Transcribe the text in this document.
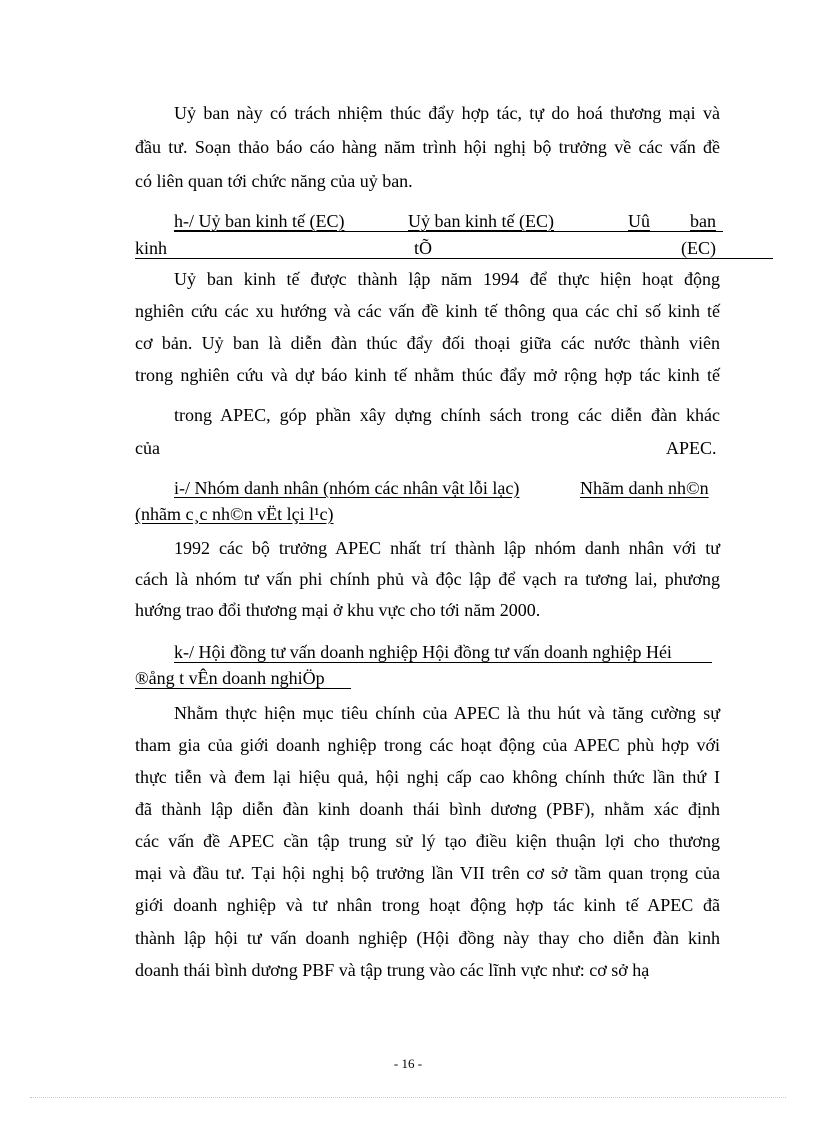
Uỷ ban này có trách nhiệm thúc đẩy hợp tác, tự do hoá thương mại và
đầu tư. Soạn thảo báo cáo hàng năm trình hội nghị bộ trưởng về các vấn đề
có liên quan tới chức năng của uỷ ban.
h-/ Uỷ ban kinh tế (EC)	Uỷ ban kinh tế (EC)	Uû ban
kinh	tÕ	(EC)
Uỷ ban kinh tế được thành lập năm 1994 để thực hiện hoạt động
nghiên cứu các xu hướng và các vấn đề kinh tế thông qua các chỉ số kinh tế
cơ bản. Uỷ ban là diễn đàn thúc đẩy đối thoại giữa các nước thành viên
trong nghiên cứu và dự báo kinh tế nhằm thúc đẩy mở rộng hợp tác kinh tế
trong APEC, góp phần xây dựng chính sách trong các diễn đàn khác
của	APEC.
i-/ Nhóm danh nhân (nhóm các nhân vật lỗi lạc)	Nhãm danh nh©n
(nhãm c¸c nh©n vËt lçi l¹c)
1992 các bộ trưởng APEC nhất trí thành lập nhóm danh nhân với tư
cách là nhóm tư vấn phi chính phủ và độc lập để vạch ra tương lai, phương
hướng trao đổi thương mại ở khu vực cho tới năm 2000.
k-/ Hội đồng tư vấn doanh nghiệp Hội đồng tư vấn doanh nghiệp Héi
®ång t vÊn doanh nghiÖp
Nhằm thực hiện mục tiêu chính của APEC là thu hút và tăng cường sự
tham gia của giới doanh nghiệp trong các hoạt động của APEC phù hợp với
thực tiễn và đem lại hiệu quả, hội nghị cấp cao không chính thức lần thứ I
đã thành lập diễn đàn kinh doanh thái bình dương (PBF), nhằm xác định
các vấn đề APEC cần tập trung sử lý tạo điều kiện thuận lợi cho thương
mại và đầu tư. Tại hội nghị bộ trưởng lần VII trên cơ sở tầm quan trọng của
giới doanh nghiệp và tư nhân trong hoạt động hợp tác kinh tế APEC đã
thành lập hội tư vấn doanh nghiệp (Hội đồng này thay cho diễn đàn kinh
doanh thái bình dương PBF và tập trung vào các lĩnh vực như: cơ sở hạ
- 16 -
